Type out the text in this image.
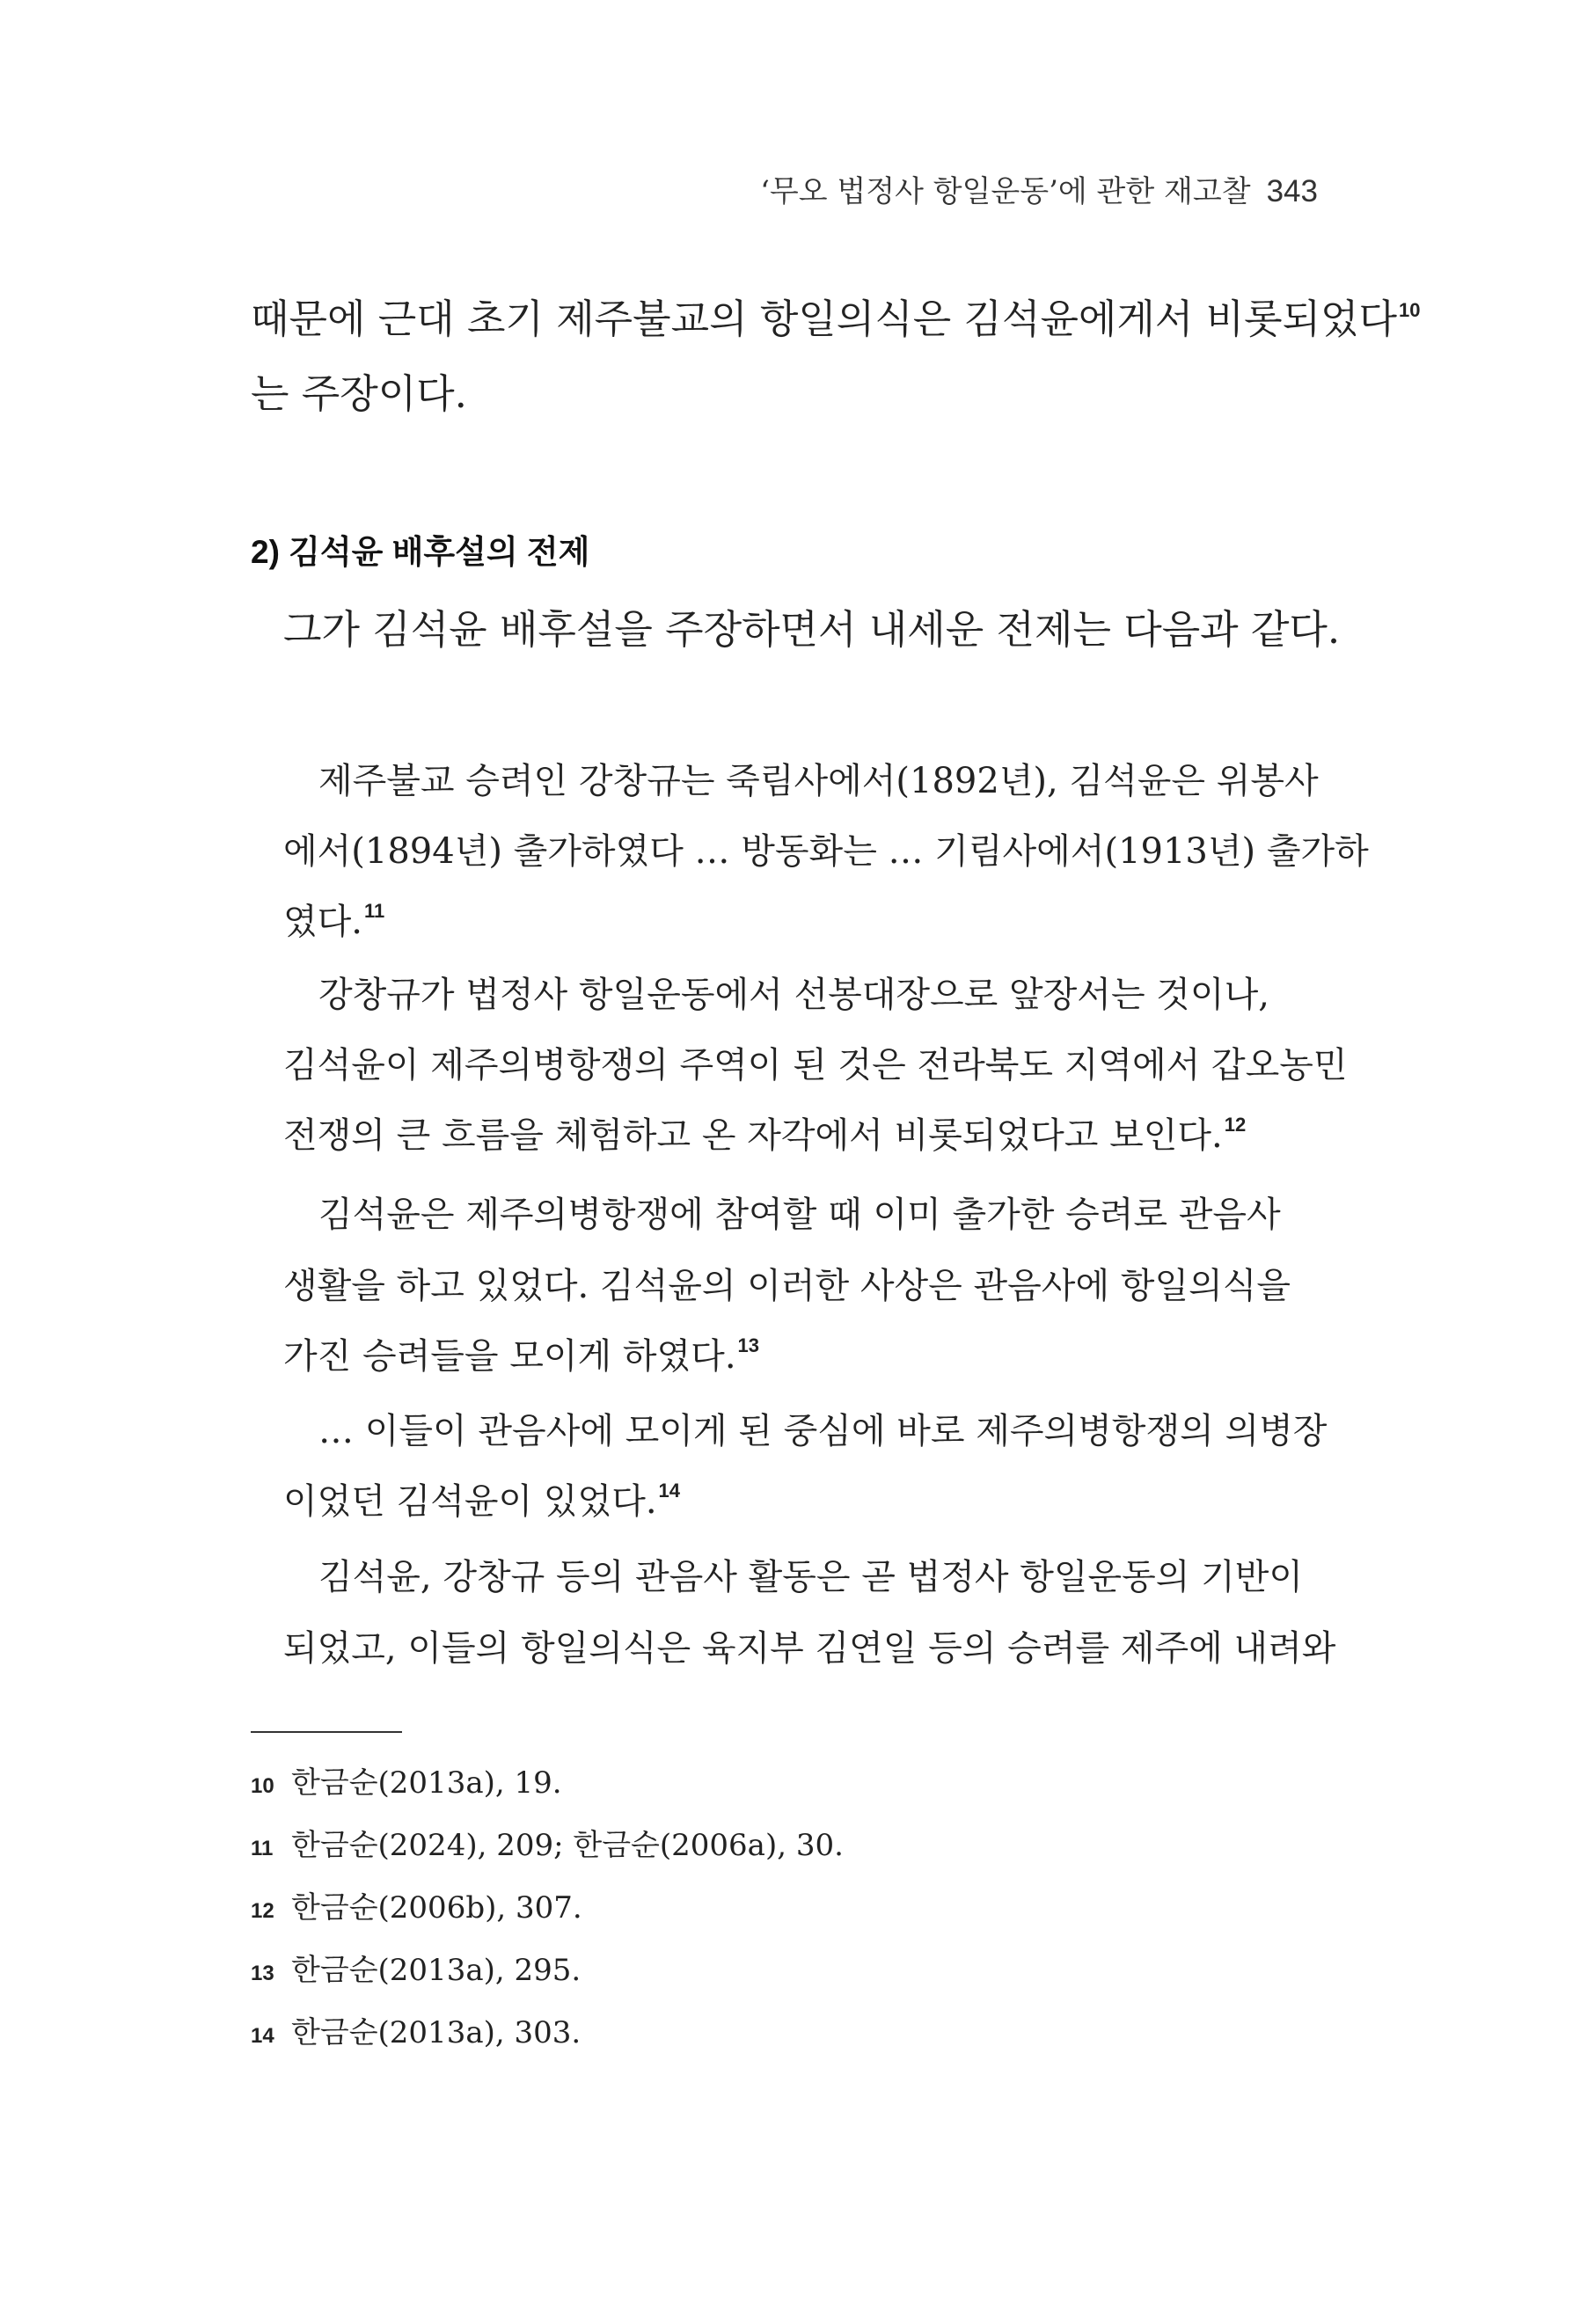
‘무오 법정사 항일운동’에 관한 재고찰 343
때문에 근대 초기 제주불교의 항일의식은 김석윤에게서 비롯되었다$^{10}$
는 주장이다.
2) 김석윤 배후설의 전제
그가 김석윤 배후설을 주장하면서 내세운 전제는 다음과 같다.
제주불교 승려인 강창규는 죽림사에서(1892년), 김석윤은 위봉사
에서(1894년) 출가하였다 … 방동화는 … 기림사에서(1913년) 출가하
였다.$^{11}$
강창규가 법정사 항일운동에서 선봉대장으로 앞장서는 것이나,
김석윤이 제주의병항쟁의 주역이 된 것은 전라북도 지역에서 갑오농민
전쟁의 큰 흐름을 체험하고 온 자각에서 비롯되었다고 보인다.$^{12}$
김석윤은 제주의병항쟁에 참여할 때 이미 출가한 승려로 관음사
생활을 하고 있었다. 김석윤의 이러한 사상은 관음사에 항일의식을
가진 승려들을 모이게 하였다.$^{13}$
… 이들이 관음사에 모이게 된 중심에 바로 제주의병항쟁의 의병장
이었던 김석윤이 있었다.$^{14}$
김석윤, 강창규 등의 관음사 활동은 곧 법정사 항일운동의 기반이
되었고, 이들의 항일의식은 육지부 김연일 등의 승려를 제주에 내려와
10 한금순(2013a), 19.
11 한금순(2024), 209; 한금순(2006a), 30.
12 한금순(2006b), 307.
13 한금순(2013a), 295.
14 한금순(2013a), 303.
